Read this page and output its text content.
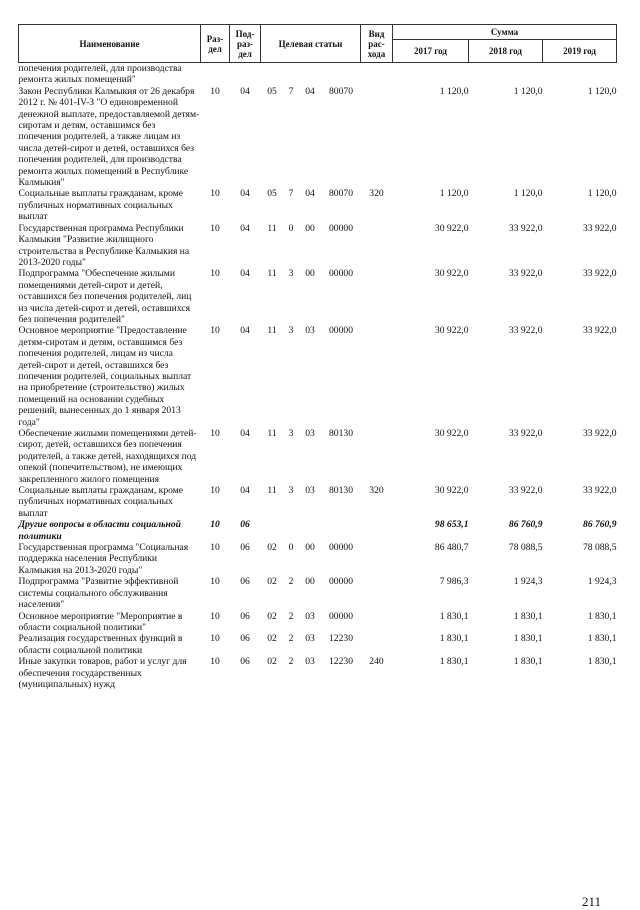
Наименование	Раз-дел	Под-раз-дел	Целевая статьи				Вид рас-хода	Сумма		
								2017 год	2018 год	2019 год
попечения родителей, для производства ремонта жилых помещений"										
Закон Республики Калмыкия от 26 декабря 2012 г. № 401-IV-З "О единовременной денежной выплате, предоставляемой детям-сиротам и детям, оставшимся без попечения родителей, а также лицам из числа детей-сирот и детей, оставшихся без попечения родителей, для производства ремонта жилых помещений в Республике Калмыкия"	10	04	05	7	04	80070		1 120,0	1 120,0	1 120,0
Социальные выплаты гражданам, кроме публичных нормативных социальных выплат	10	04	05	7	04	80070	320	1 120,0	1 120,0	1 120,0
Государственная программа Республики Калмыкия "Развитие жилищного строительства в Республике Калмыкия на 2013-2020 годы"	10	04	11	0	00	00000		30 922,0	33 922,0	33 922,0
Подпрограмма "Обеспечение жилыми помещениями детей-сирот и детей, оставшихся без попечения родителей, лиц из числа детей-сирот и детей, оставшихся без попечения родителей"	10	04	11	3	00	00000		30 922,0	33 922,0	33 922,0
Основное мероприятие "Предоставление детям-сиротам и детям, оставшимся без попечения родителей, лицам из числа детей-сирот и детей, оставшихся без попечения родителей, социальных выплат на приобретение (строительство) жилых помещений на основании судебных решений, вынесенных до 1 января 2013 года"	10	04	11	3	03	00000		30 922,0	33 922,0	33 922,0
Обеспечение жилыми помещениями детей-сирот, детей, оставшихся без попечения родителей, а также детей, находящихся под опекой (попечительством), не имеющих закрепленного жилого помещения	10	04	11	3	03	80130		30 922,0	33 922,0	33 922,0
Социальные выплаты гражданам, кроме публичных нормативных социальных выплат	10	04	11	3	03	80130	320	30 922,0	33 922,0	33 922,0
Другие вопросы в области социальной политики	10	06						98 653,1	86 760,9	86 760,9
Государственная программа "Социальная поддержка населения Республики Калмыкия на 2013-2020 годы"	10	06	02	0	00	00000		86 480,7	78 088,5	78 088,5
Подпрограмма "Развитие эффективной системы социального обслуживания населения"	10	06	02	2	00	00000		7 986,3	1 924,3	1 924,3
Основное мероприятие "Мероприятие в области социальной политики"	10	06	02	2	03	00000		1 830,1	1 830,1	1 830,1
Реализация государственных функций в области социальной политики	10	06	02	2	03	12230		1 830,1	1 830,1	1 830,1
Иные закупки товаров, работ и услуг для обеспечения государственных (муниципальных) нужд	10	06	02	2	03	12230	240	1 830,1	1 830,1	1 830,1
211
